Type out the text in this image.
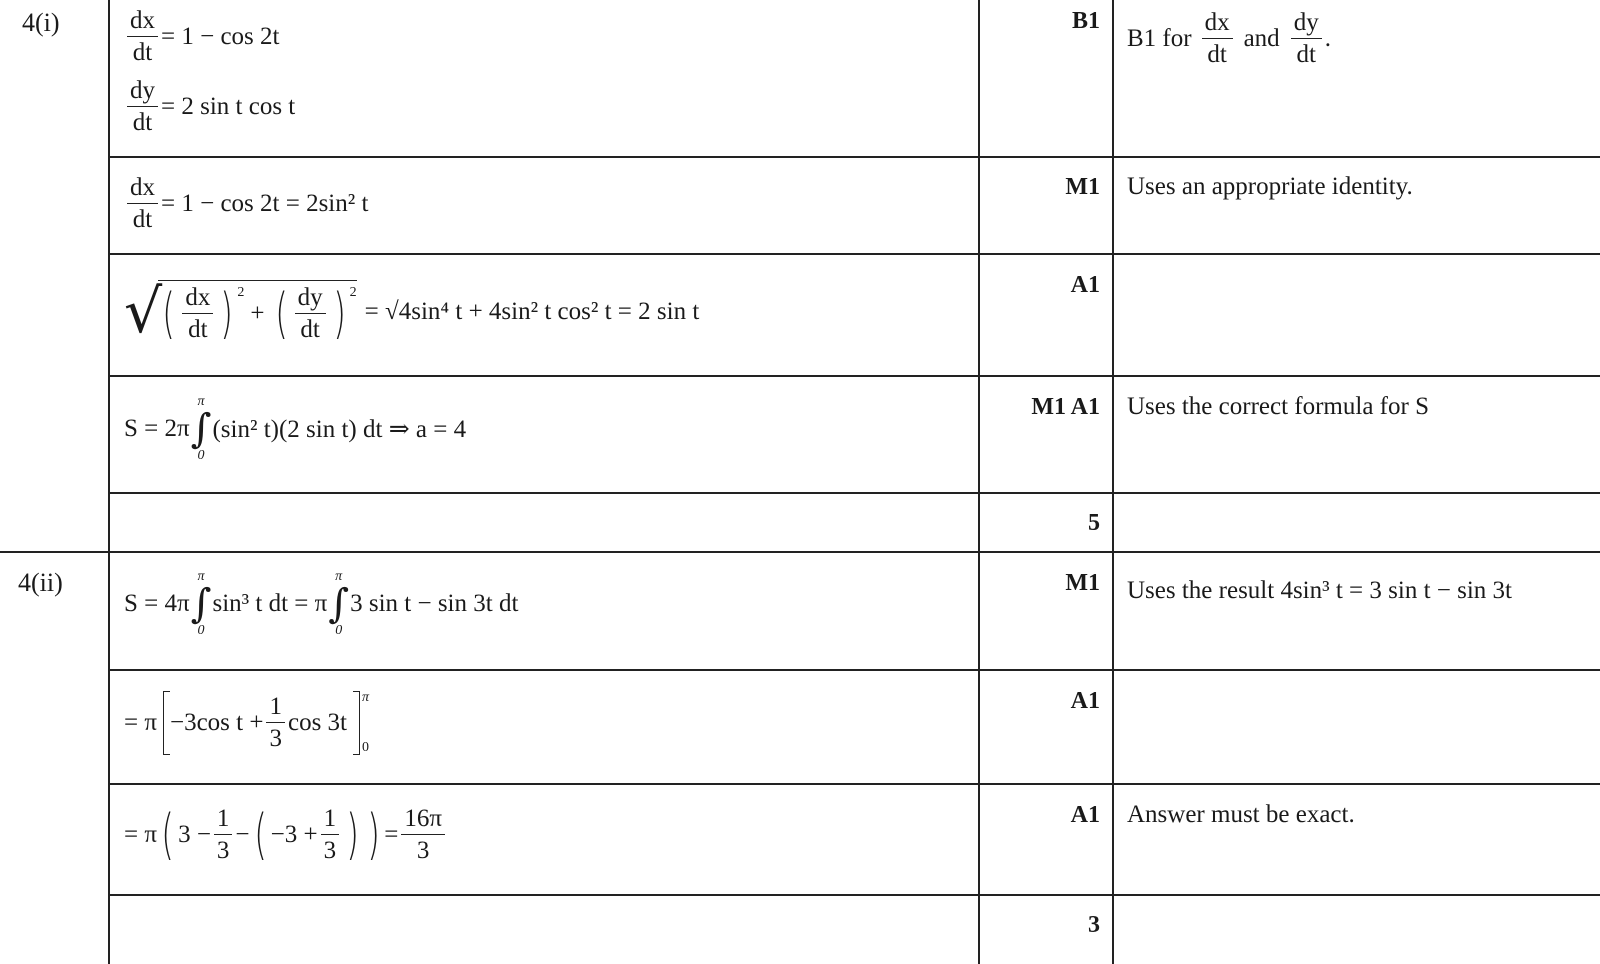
4(i)
4(ii)
B1
M1
A1
M1 A1
5
M1
A1
A1
3
B1 for $\frac{dx}{dt}$ and $\frac{dy}{dt}$ .
Uses an appropriate identity.
Uses the correct formula for S
Uses the result 4sin³ t = 3 sin t − sin 3t
Answer must be exact.
$\frac{dx}{dt} = 1 - \cos 2t$
$\frac{dy}{dt} = 2$ sin t cos t
$\frac{dx}{dt} = 1 - \cos 2t = 2\sin^2$ t
√ ( $\frac{dx}{dt}$ ) $^2$
+ ( $\frac{dy}{dt}$ ) $^2$
= √4sin⁴ t + 4sin² t cos² t = 2 sin t
S = 2π
π
∫
0
(sin² t)(2 sin t) dt ⇒ a = 4
S = 4π
π
∫
0
sin³ t dt = π
π
∫
0
3 sin t − sin 3t dt
= π −3cos $t + \frac{1}{3}$ cos 3t
π
0
= π ( $3 - \frac{1}{3}$ − ( $-3 + \frac{1}{3}$ ) ) = $\frac{16\pi}{3}$
